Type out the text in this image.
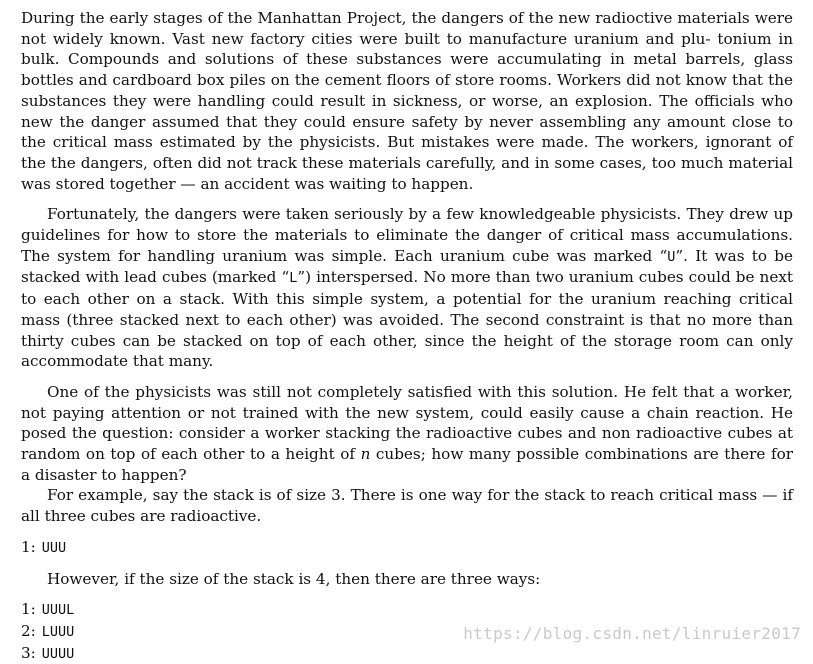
During the early stages of the Manhattan Project, the dangers of the new radioctive materials were not widely known. Vast new factory cities were built to manufacture uranium and plu- tonium in bulk. Compounds and solutions of these substances were accumulating in metal barrels, glass bottles and cardboard box piles on the cement floors of store rooms. Workers did not know that the substances they were handling could result in sickness, or worse, an explosion. The officials who new the danger assumed that they could ensure safety by never assembling any amount close to the critical mass estimated by the physicists. But mistakes were made. The workers, ignorant of the the dangers, often did not track these materials carefully, and in some cases, too much material was stored together — an accident was waiting to happen.

Fortunately, the dangers were taken seriously by a few knowledgeable physicists. They drew up guidelines for how to store the materials to eliminate the danger of critical mass accumulations. The system for handling uranium was simple. Each uranium cube was marked “U”. It was to be stacked with lead cubes (marked “L”) interspersed. No more than two uranium cubes could be next to each other on a stack. With this simple system, a potential for the uranium reaching critical mass (three stacked next to each other) was avoided. The second constraint is that no more than thirty cubes can be stacked on top of each other, since the height of the storage room can only accommodate that many.

One of the physicists was still not completely satisfied with this solution. He felt that a worker, not paying attention or not trained with the new system, could easily cause a chain reaction. He posed the question: consider a worker stacking the radioactive cubes and non radioactive cubes at random on top of each other to a height of n cubes; how many possible combinations are there for a disaster to happen?

For example, say the stack is of size 3. There is one way for the stack to reach critical mass — if all three cubes are radioactive.

1: UUU

However, if the size of the stack is 4, then there are three ways:

1: UUUL
2: LUUU
3: UUUU
https://blog.csdn.net/linruier2017
